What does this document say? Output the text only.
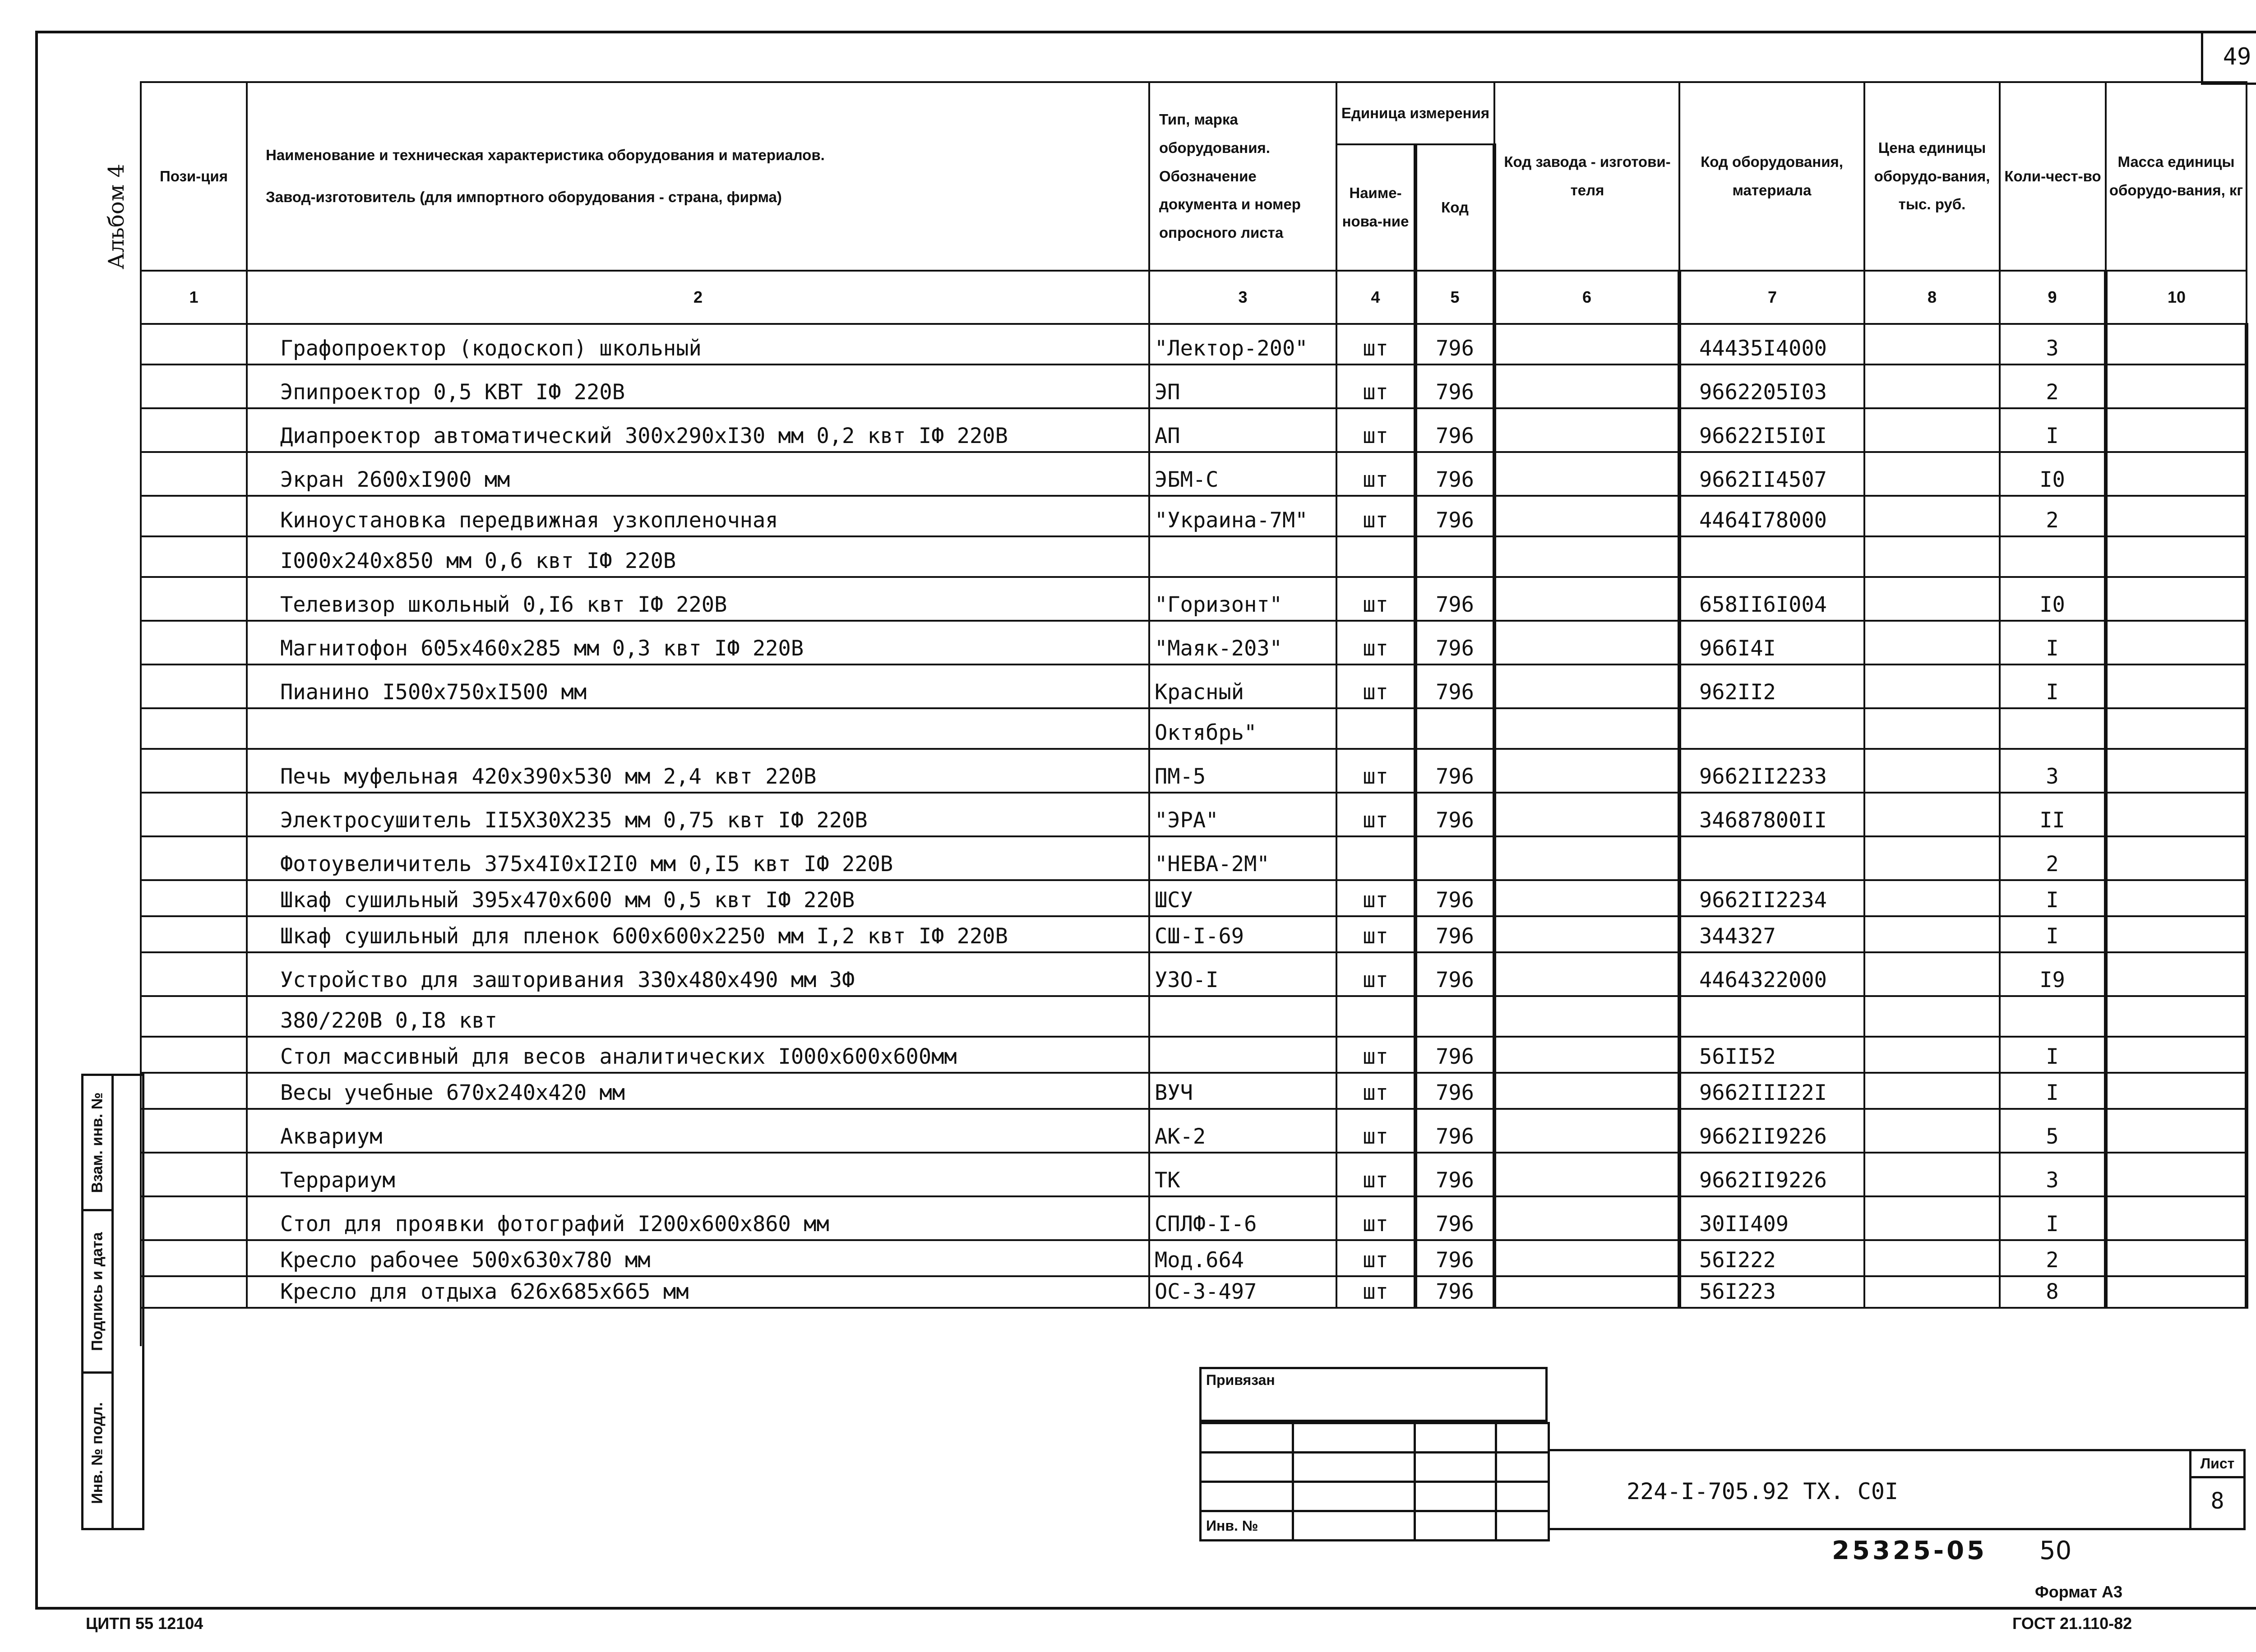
49
Альбом 4
Взам. инв. №
Подпись и дата
Инв. № подл.
Пози-ция	Наименование и техническая характеристика оборудования и материалов.
Завод-изготовитель (для импортного оборудования - страна, фирма)	Тип, марка оборудования. Обозначение документа и номер опросного листа	Единица измерения		Код завода - изготови-теля	Код оборудования, материала	Цена единицы оборудо-вания, тыс. руб.	Коли-чест-во	Масса единицы оборудо-вания, кг
			Наиме-нова-ние	Код					
1	2	3	4	5	6	7	8	9	10
	Графопроектор (кодоскоп) школьный	"Лектор-200"	шт	796		44435I4000		3	
	Эпипроектор 0,5 КВТ IФ 220В	ЭП	шт	796		9662205I03		2	
	Диапроектор автоматический 300х290хI30 мм 0,2 квт IФ 220В	АП	шт	796		96622I5I0I		I	
	Экран 2600хI900 мм	ЭБМ-С	шт	796		9662II4507		I0	
	Киноустановка передвижная узкопленочная	"Украина-7М"	шт	796		4464I78000		2	
	I000х240х850 мм 0,6 квт IФ 220В								
	Телевизор школьный 0,I6 квт IФ 220В	"Горизонт"	шт	796		658II6I004		I0	
	Магнитофон 605х460х285 мм 0,3 квт IФ 220В	"Маяк-203"	шт	796		966I4I		I	
	Пианино I500х750хI500 мм	Красный	шт	796		962II2		I	
		Октябрь"							
	Печь муфельная 420х390х530 мм 2,4 квт 220В	ПМ-5	шт	796		9662II2233		3	
	Электросушитель II5Х30Х235 мм 0,75 квт IФ 220В	"ЭРА"	шт	796		34687800II		II	
	Фотоувеличитель 375х4I0хI2I0 мм 0,I5 квт IФ 220В	"НЕВА-2М"						2	
	Шкаф сушильный 395х470х600 мм 0,5 квт IФ 220В	ШСУ	шт	796		9662II2234		I	
	Шкаф сушильный для пленок 600х600х2250 мм I,2 квт IФ 220В	СШ-I-69	шт	796		344327		I	
	Устройство для зашторивания 330х480х490 мм 3Ф	УЗО-I	шт	796		4464322000		I9	
	380/220В 0,I8 квт								
	Стол массивный для весов аналитических I000х600х600мм		шт	796		56II52		I	
	Весы учебные 670х240х420 мм	ВУЧ	шт	796		9662III22I		I	
	Аквариум	АК-2	шт	796		9662II9226		5	
	Террариум	ТК	шт	796		9662II9226		3	
	Стол для проявки фотографий I200х600х860 мм	СПЛФ-I-6	шт	796		30II409		I	
	Кресло рабочее 500х630х780 мм	Мод.664	шт	796		56I222		2	
	Кресло для отдыха 626х685х665 мм	ОС-3-497	шт	796		56I223		8	

Привязан

Инв. №			
224-I-705.92 ТХ. С0I
Лист
8
25325-05 50
Формат А3
ЦИТП 55 12104	ГОСТ 21.110-82
